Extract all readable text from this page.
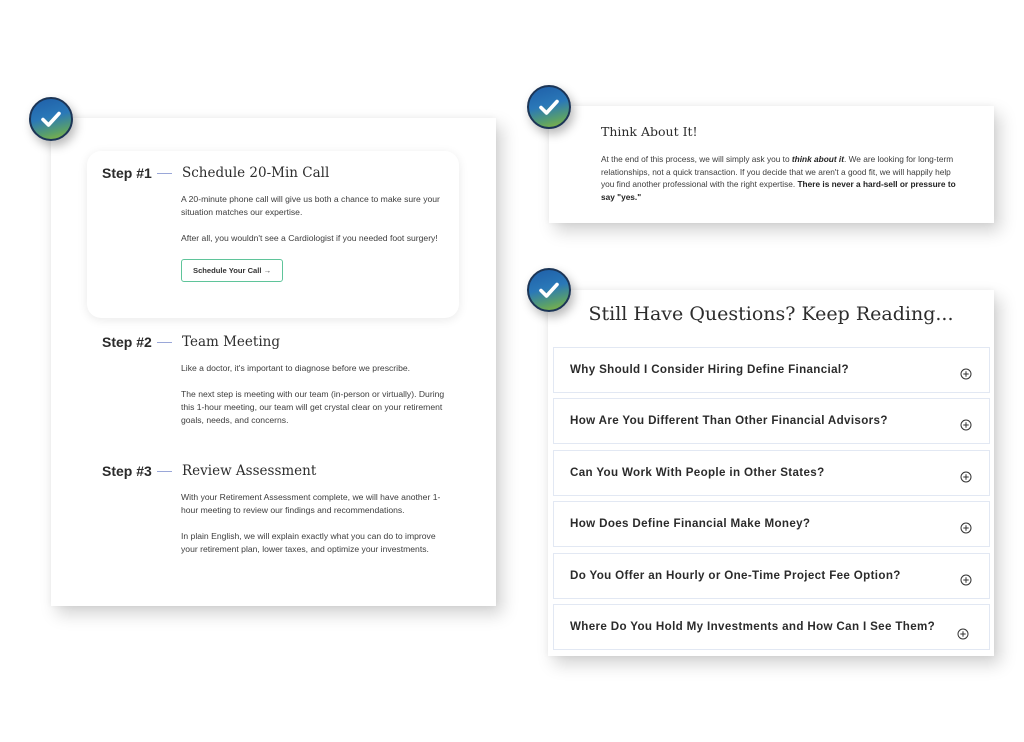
Step #1 Schedule 20-Min Call

A 20-minute phone call will give us both a chance to make sure your situation matches our expertise.

After all, you wouldn't see a Cardiologist if you needed foot surgery!

Schedule Your Call →
Step #2 Team Meeting

Like a doctor, it's important to diagnose before we prescribe.

The next step is meeting with our team (in-person or virtually). During this 1-hour meeting, our team will get crystal clear on your retirement goals, needs, and concerns.

Step #3 Review Assessment

With your Retirement Assessment complete, we will have another 1-hour meeting to review our findings and recommendations.

In plain English, we will explain exactly what you can do to improve your retirement plan, lower taxes, and optimize your investments.

Think About It!
At the end of this process, we will simply ask you to think about it. We are looking for long-term relationships, not a quick transaction. If you decide that we aren't a good fit, we will happily help you find another professional with the right expertise. There is never a hard-sell or pressure to say "yes."
Still Have Questions? Keep Reading...
Why Should I Consider Hiring Define Financial?
How Are You Different Than Other Financial Advisors?
Can You Work With People in Other States?
How Does Define Financial Make Money?
Do You Offer an Hourly or One-Time Project Fee Option?
Where Do You Hold My Investments and How Can I See Them?
